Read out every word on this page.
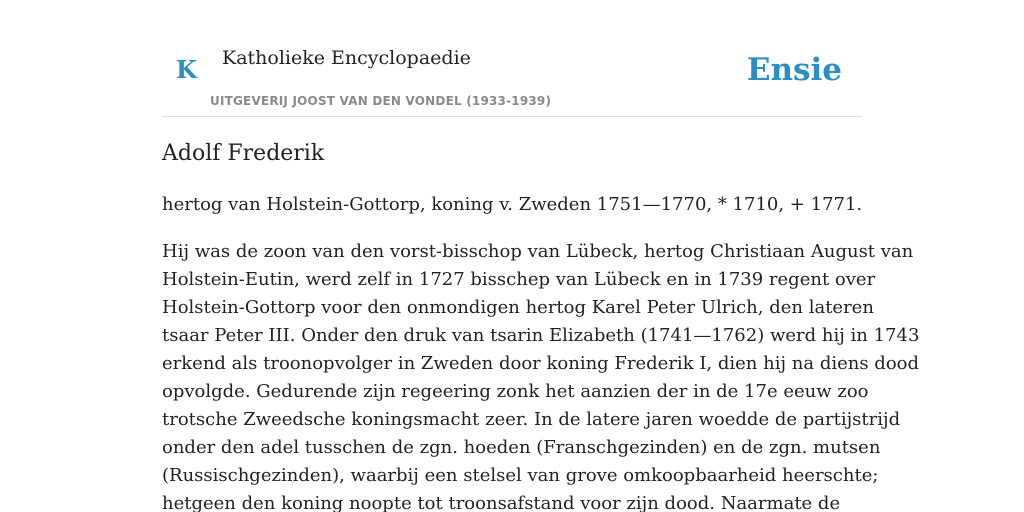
K Katholieke Encyclopaedie
UITGEVERIJ JOOST VAN DEN VONDEL (1933-1939)
Ensie
Adolf Frederik

hertog van Holstein-Gottorp, koning v. Zweden 1751—1770, * 1710, + 1771.

Hij was de zoon van den vorst-bisschop van Lübeck, hertog Christiaan August van
Holstein-Eutin, werd zelf in 1727 bisschep van Lübeck en in 1739 regent over
Holstein-Gottorp voor den onmondigen hertog Karel Peter Ulrich, den lateren
tsaar Peter III. Onder den druk van tsarin Elizabeth (1741—1762) werd hij in 1743
erkend als troonopvolger in Zweden door koning Frederik I, dien hij na diens dood
opvolgde. Gedurende zijn regeering zonk het aanzien der in de 17e eeuw zoo
trotsche Zweedsche koningsmacht zeer. In de latere jaren woedde de partijstrijd
onder den adel tusschen de zgn. hoeden (Franschgezinden) en de zgn. mutsen
(Russischgezinden), waarbij een stelsel van grove omkoopbaarheid heerschte;
hetgeen den koning noopte tot troonsafstand voor zijn dood. Naarmate de
